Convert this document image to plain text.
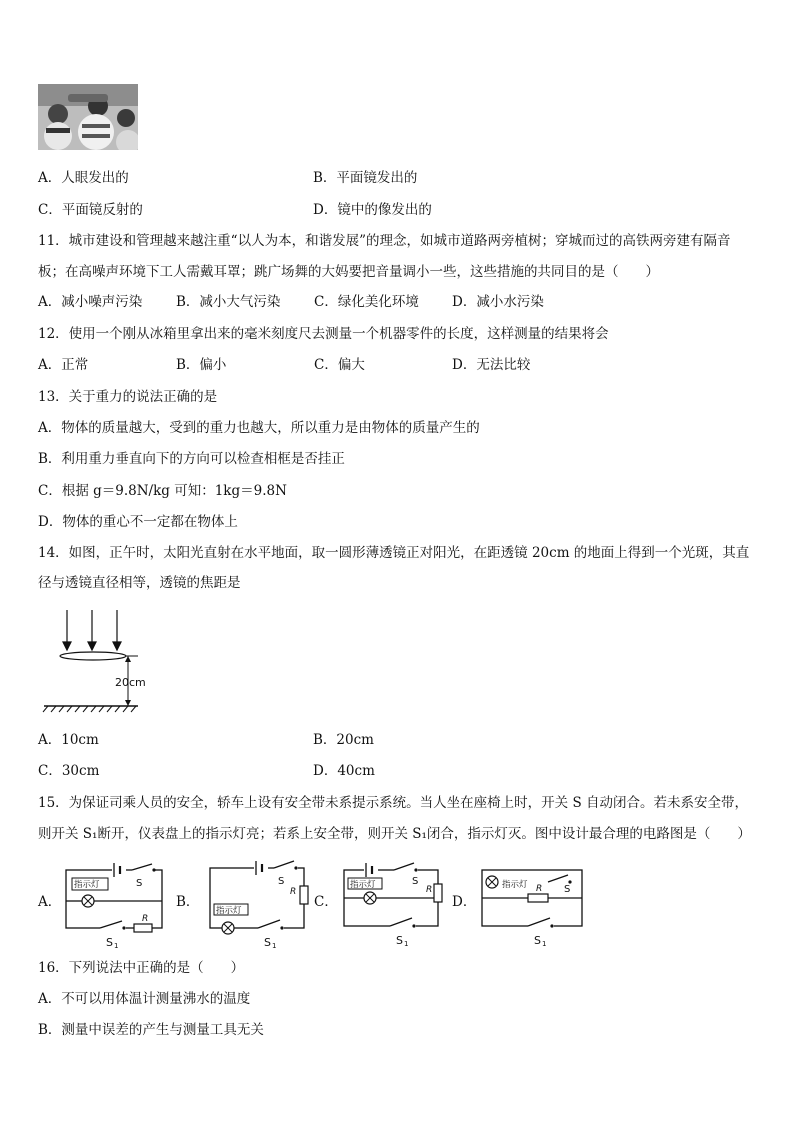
A．人眼发出的	B．平面镜发出的
C．平面镜反射的	D．镜中的像发出的
11．城市建设和管理越来越注重“以人为本，和谐发展”的理念，如城市道路两旁植树；穿城而过的高铁两旁建有隔音
板；在高噪声环境下工人需戴耳罩；跳广场舞的大妈要把音量调小一些，这些措施的共同目的是（　　）
A．减小噪声污染	B．减小大气污染 C．绿化美化环境 D．减小水污染
12．使用一个刚从冰箱里拿出来的毫米刻度尺去测量一个机器零件的长度，这样测量的结果将会
A．正常	B．偏小	C．偏大	D．无法比较
13．关于重力的说法正确的是
A．物体的质量越大，受到的重力也越大，所以重力是由物体的质量产生的
B．利用重力垂直向下的方向可以检查相框是否挂正
C．根据 g＝9.8N/kg 可知：1kg＝9.8N
D．物体的重心不一定都在物体上
14．如图，正午时，太阳光直射在水平地面，取一圆形薄透镜正对阳光，在距透镜 20cm 的地面上得到一个光斑，其直
径与透镜直径相等，透镜的焦距是
20cm
A．10cm	B．20cm
C．30cm	D．40cm
15．为保证司乘人员的安全，轿车上设有安全带未系提示系统。当人坐在座椅上时，开关 S 自动闭合。若未系安全带，
则开关 S₁断开，仪表盘上的指示灯亮；若系上安全带，则开关 S₁闭合，指示灯灭。图中设计最合理的电路图是（　　）
A．	B．	C．	D．
S
指示灯
R
S 1
S
R
指示灯
S 1
S
指示灯	R
S 1
指示灯	S
R
S 1
16．下列说法中正确的是（　　）
A．不可以用体温计测量沸水的温度
B．测量中误差的产生与测量工具无关
